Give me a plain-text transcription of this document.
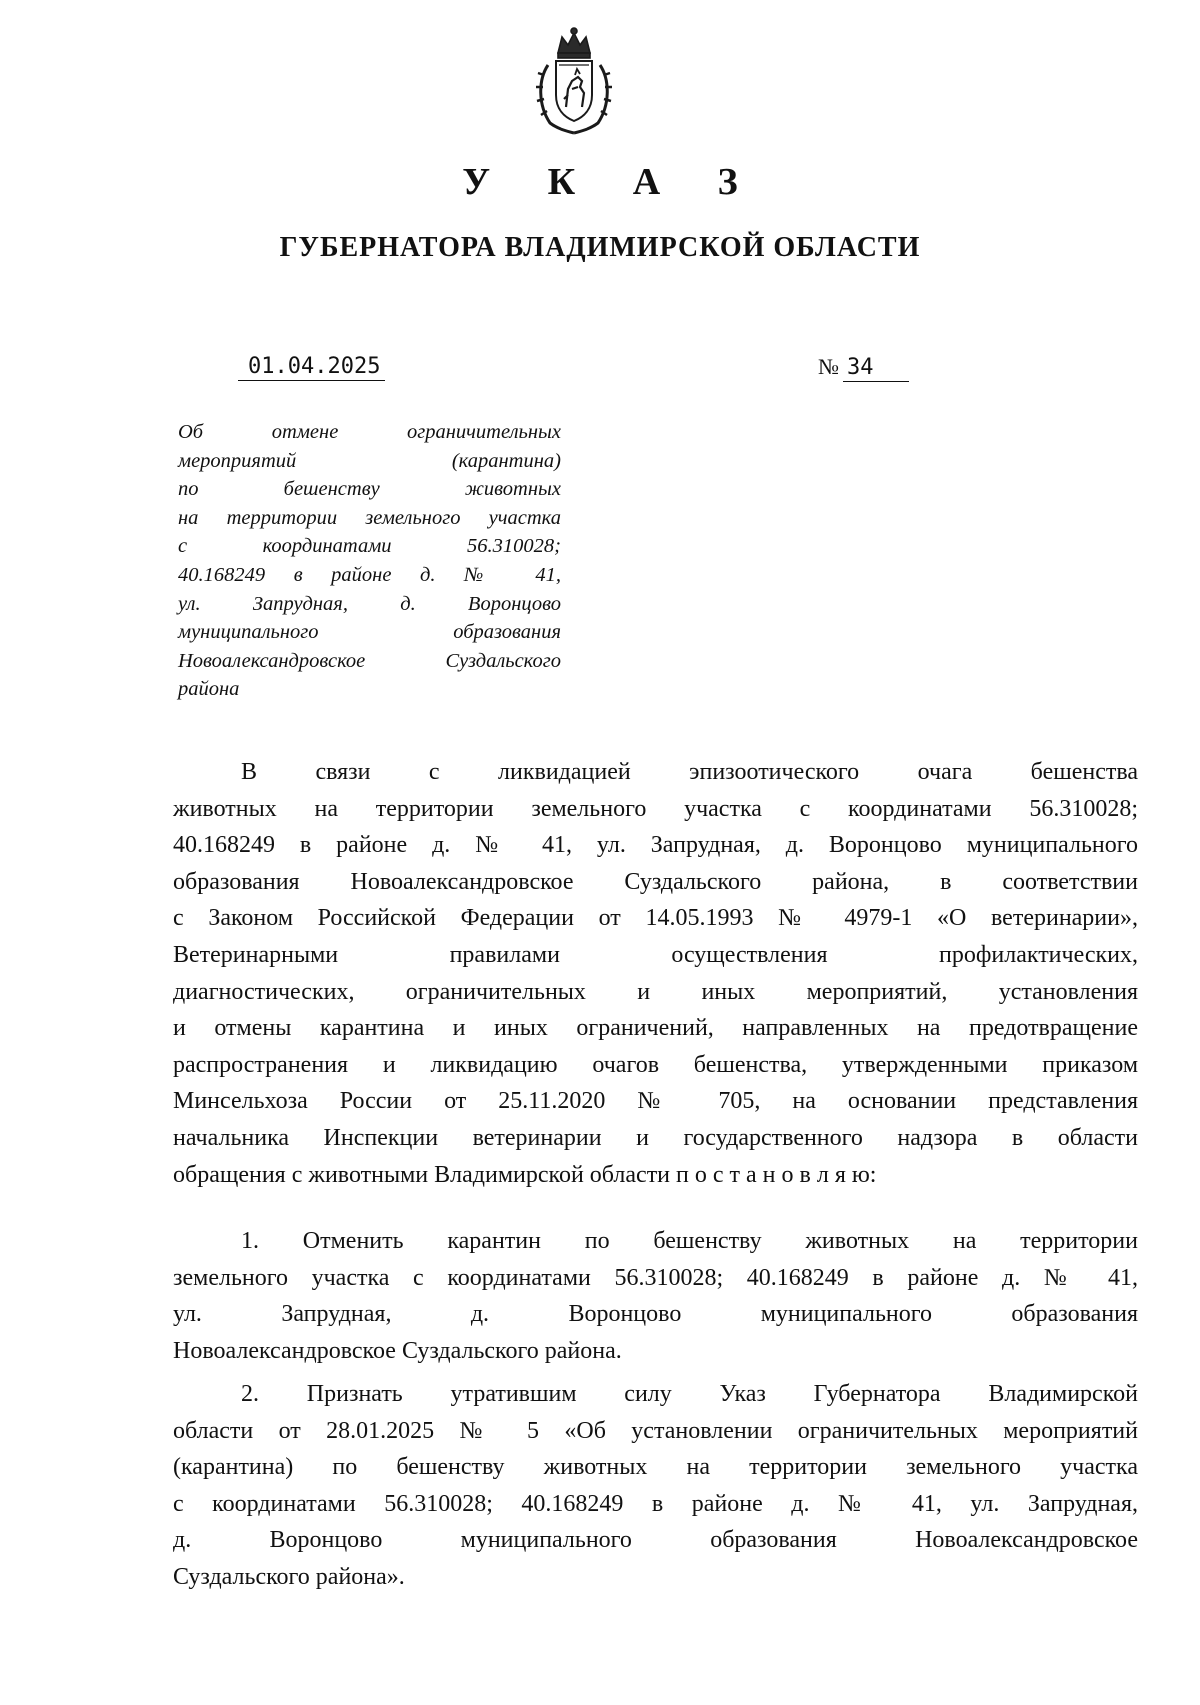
У К А З
ГУБЕРНАТОРА ВЛАДИМИРСКОЙ ОБЛАСТИ
01.04.2025	№ 34

Об отмене ограничительных
мероприятий (карантина)
по бешенству животных
на территории земельного участка
с координатами 56.310028;
40.168249 в районе д. № 41,
ул. Запрудная, д. Воронцово
муниципального образования
Новоалександровское Суздальского
района

В связи с ликвидацией эпизоотического очага бешенства
животных на территории земельного участка с координатами 56.310028;
40.168249 в районе д. № 41, ул. Запрудная, д. Воронцово муниципального
образования Новоалександровское Суздальского района, в соответствии
с Законом Российской Федерации от 14.05.1993 № 4979-1 «О ветеринарии»,
Ветеринарными правилами осуществления профилактических,
диагностических, ограничительных и иных мероприятий, установления
и отмены карантина и иных ограничений, направленных на предотвращение
распространения и ликвидацию очагов бешенства, утвержденными приказом
Минсельхоза России от 25.11.2020 № 705, на основании представления
начальника Инспекции ветеринарии и государственного надзора в области
обращения с животными Владимирской области п о с т а н о в л я ю:

1. Отменить карантин по бешенству животных на территории
земельного участка с координатами 56.310028; 40.168249 в районе д. № 41,
ул. Запрудная, д. Воронцово муниципального образования
Новоалександровское Суздальского района.

2. Признать утратившим силу Указ Губернатора Владимирской
области от 28.01.2025 № 5 «Об установлении ограничительных мероприятий
(карантина) по бешенству животных на территории земельного участка
с координатами 56.310028; 40.168249 в районе д. № 41, ул. Запрудная,
д. Воронцово муниципального образования Новоалександровское
Суздальского района».
